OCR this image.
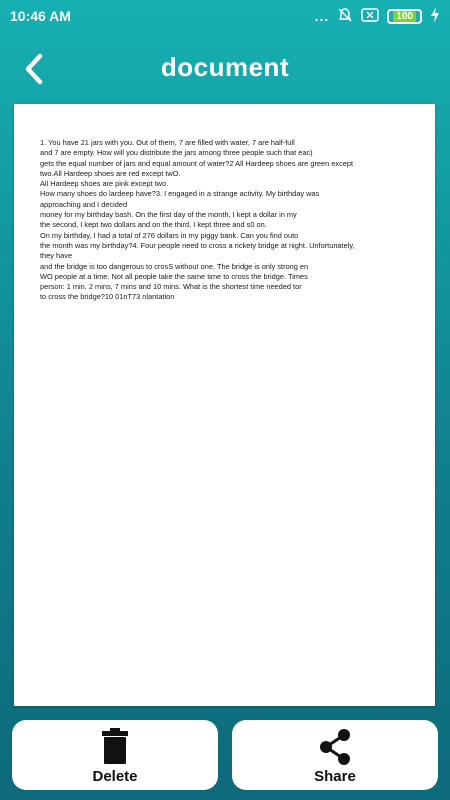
10:46 AM	...	100
document
1. You have 21 jars with you. Out of them, 7 are filled with water, 7 are half-full
and 7 are empty. How will you distribute the jars among three people such that eac)
gets the equal number of jars and equal amount of water?2 All Hardeep shoes are green except
two.All Hardeep shoes are red except twO.
All Hardeep shoes are pink except two.
How many shoes do lardeep have?3. I engaged in a strange activity. My birthday was
approaching and I decided
money for my birthday bash. On the first day of the month, I kept a dollar in my
the second, I kept two dollars and on the third, I kept three and s0 on.
On my birthday, I had a total of 276 dollars in my piggy bank. Can you find outo
the month was my birthday?4. Four people need to cross a rickety bridge at night. Unfortunately,
they have
and the bridge is too dangerous to crosS without one. The bridge is only strong en
WO people at a time. Not all people take the same time to cross the bridge. Times
person: 1 min, 2 mins, 7 mins and 10 mins. What is the shortest time needed tor
to cross the bridge?10 01nT73 nlantation
Delete	Share
